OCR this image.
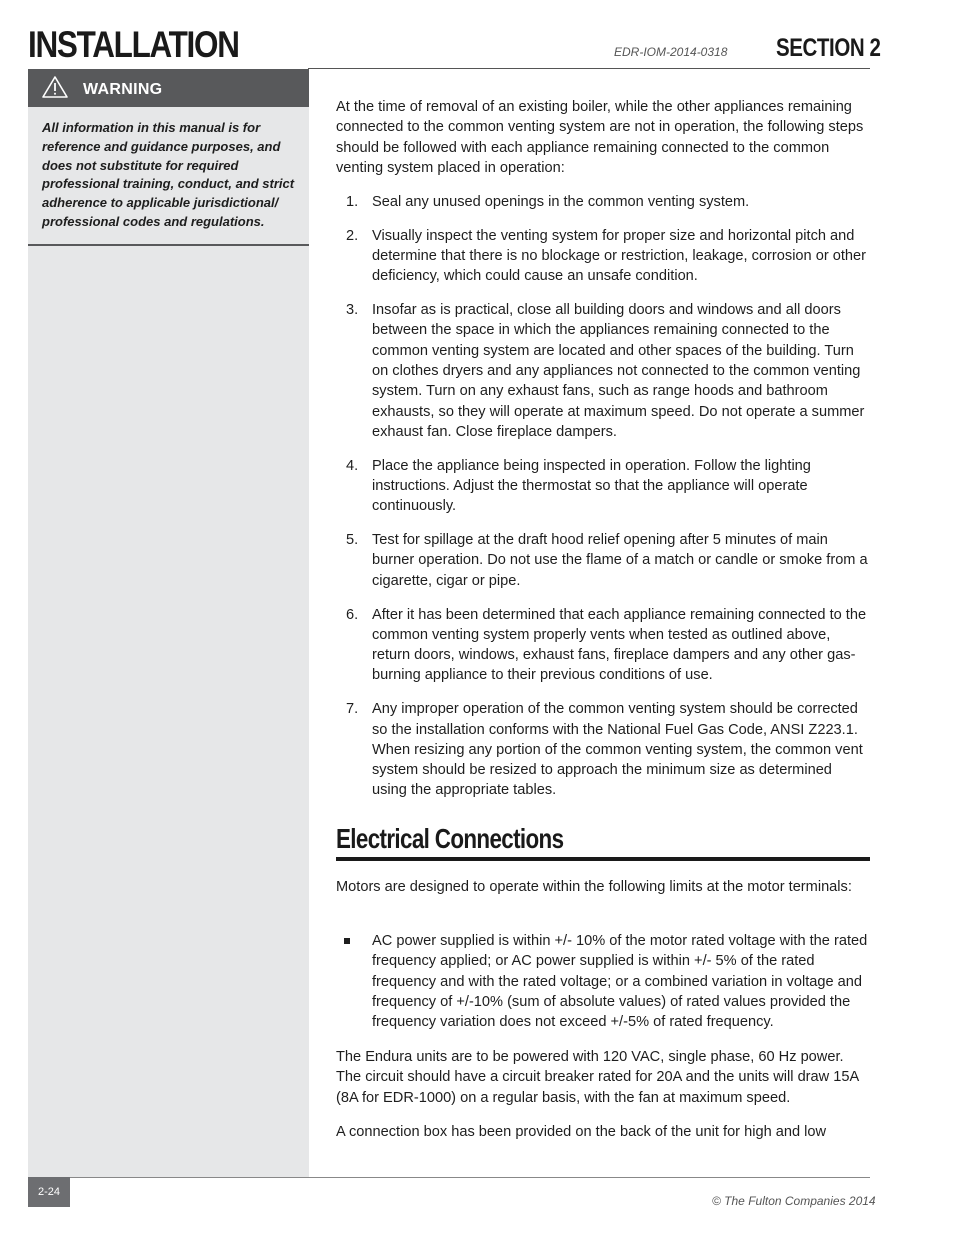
INSTALLATION	EDR-IOM-2014-0318 SECTION 2
WARNING
All information in this manual is for reference and guidance purposes, and does not substitute for required professional training, conduct, and strict adherence to applicable jurisdictional/ professional codes and regulations.
At the time of removal of an existing boiler, while the other appliances remaining connected to the common venting system are not in operation, the following steps should be followed with each appliance remaining connected to the common venting system placed in operation:
1. Seal any unused openings in the common venting system.
2. Visually inspect the venting system for proper size and horizontal pitch and determine that there is no blockage or restriction, leakage, corrosion or other deficiency, which could cause an unsafe condition.
3. Insofar as is practical, close all building doors and windows and all doors between the space in which the appliances remaining connected to the common venting system are located and other spaces of the building. Turn on clothes dryers and any appliances not connected to the common venting system. Turn on any exhaust fans, such as range hoods and bathroom exhausts, so they will operate at maximum speed. Do not operate a summer exhaust fan. Close fireplace dampers.
4. Place the appliance being inspected in operation. Follow the lighting instructions. Adjust the thermostat so that the appliance will operate continuously.
5. Test for spillage at the draft hood relief opening after 5 minutes of main burner operation. Do not use the flame of a match or candle or smoke from a cigarette, cigar or pipe.
6. After it has been determined that each appliance remaining connected to the common venting system properly vents when tested as outlined above, return doors, windows, exhaust fans, fireplace dampers and any other gas-burning appliance to their previous conditions of use.
7. Any improper operation of the common venting system should be corrected so the installation conforms with the National Fuel Gas Code, ANSI Z223.1. When resizing any portion of the common venting system, the common vent system should be resized to approach the minimum size as determined using the appropriate tables.
Electrical Connections
Motors are designed to operate within the following limits at the motor terminals:
AC power supplied is within +/- 10% of the motor rated voltage with the rated frequency applied; or AC power supplied is within +/- 5% of the rated frequency and with the rated voltage; or a combined variation in voltage and frequency of +/-10% (sum of absolute values) of rated values provided the frequency variation does not exceed +/-5% of rated frequency.
The Endura units are to be powered with 120 VAC, single phase, 60 Hz power. The circuit should have a circuit breaker rated for 20A and the units will draw 15A (8A for EDR-1000) on a regular basis, with the fan at maximum speed.
A connection box has been provided on the back of the unit for high and low
2-24
© The Fulton Companies 2014
